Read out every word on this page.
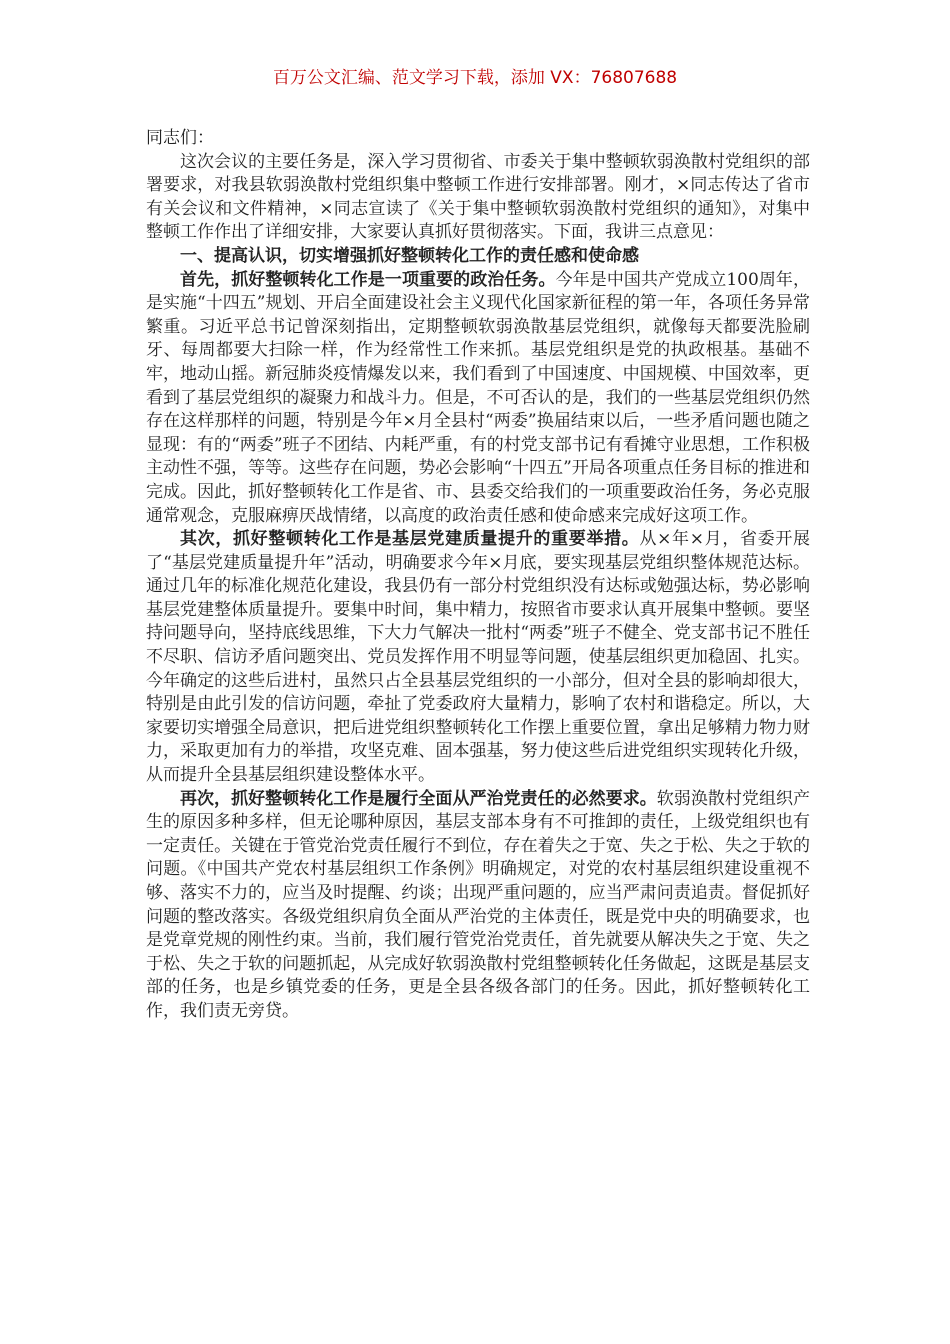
百万公文汇编、范文学习下载，添加 VX：76807688

同志们：

这次会议的主要任务是，深入学习贯彻省、市委关于集中整顿软弱涣散村党组织的部署要求，对我县软弱涣散村党组织集中整顿工作进行安排部署。刚才，×同志传达了省市有关会议和文件精神，×同志宣读了《关于集中整顿软弱涣散村党组织的通知》，对集中整顿工作作出了详细安排，大家要认真抓好贯彻落实。下面，我讲三点意见：

一、提高认识，切实增强抓好整顿转化工作的责任感和使命感

首先，抓好整顿转化工作是一项重要的政治任务。今年是中国共产党成立100周年，是实施“十四五”规划、开启全面建设社会主义现代化国家新征程的第一年，各项任务异常繁重。习近平总书记曾深刻指出，定期整顿软弱涣散基层党组织，就像每天都要洗脸刷牙、每周都要大扫除一样，作为经常性工作来抓。基层党组织是党的执政根基。基础不牢，地动山摇。新冠肺炎疫情爆发以来，我们看到了中国速度、中国规模、中国效率，更看到了基层党组织的凝聚力和战斗力。但是，不可否认的是，我们的一些基层党组织仍然存在这样那样的问题，特别是今年×月全县村“两委”换届结束以后，一些矛盾问题也随之显现：有的“两委”班子不团结、内耗严重，有的村党支部书记有看摊守业思想，工作积极主动性不强，等等。这些存在问题，势必会影响“十四五”开局各项重点任务目标的推进和完成。因此，抓好整顿转化工作是省、市、县委交给我们的一项重要政治任务，务必克服通常观念，克服麻痹厌战情绪，以高度的政治责任感和使命感来完成好这项工作。

其次，抓好整顿转化工作是基层党建质量提升的重要举措。从×年×月，省委开展了“基层党建质量提升年”活动，明确要求今年×月底，要实现基层党组织整体规范达标。通过几年的标准化规范化建设，我县仍有一部分村党组织没有达标或勉强达标，势必影响基层党建整体质量提升。要集中时间，集中精力，按照省市要求认真开展集中整顿。要坚持问题导向，坚持底线思维，下大力气解决一批村“两委”班子不健全、党支部书记不胜任不尽职、信访矛盾问题突出、党员发挥作用不明显等问题，使基层组织更加稳固、扎实。今年确定的这些后进村，虽然只占全县基层党组织的一小部分，但对全县的影响却很大，特别是由此引发的信访问题，牵扯了党委政府大量精力，影响了农村和谐稳定。所以，大家要切实增强全局意识，把后进党组织整顿转化工作摆上重要位置，拿出足够精力物力财力，采取更加有力的举措，攻坚克难、固本强基，努力使这些后进党组织实现转化升级，从而提升全县基层组织建设整体水平。

再次，抓好整顿转化工作是履行全面从严治党责任的必然要求。软弱涣散村党组织产生的原因多种多样，但无论哪种原因，基层支部本身有不可推卸的责任，上级党组织也有一定责任。关键在于管党治党责任履行不到位，存在着失之于宽、失之于松、失之于软的问题。《中国共产党农村基层组织工作条例》明确规定，对党的农村基层组织建设重视不够、落实不力的，应当及时提醒、约谈；出现严重问题的，应当严肃问责追责。督促抓好问题的整改落实。各级党组织肩负全面从严治党的主体责任，既是党中央的明确要求，也是党章党规的刚性约束。当前，我们履行管党治党责任，首先就要从解决失之于宽、失之于松、失之于软的问题抓起，从完成好软弱涣散村党组整顿转化任务做起，这既是基层支部的任务，也是乡镇党委的任务，更是全县各级各部门的任务。因此，抓好整顿转化工作，我们责无旁贷。
